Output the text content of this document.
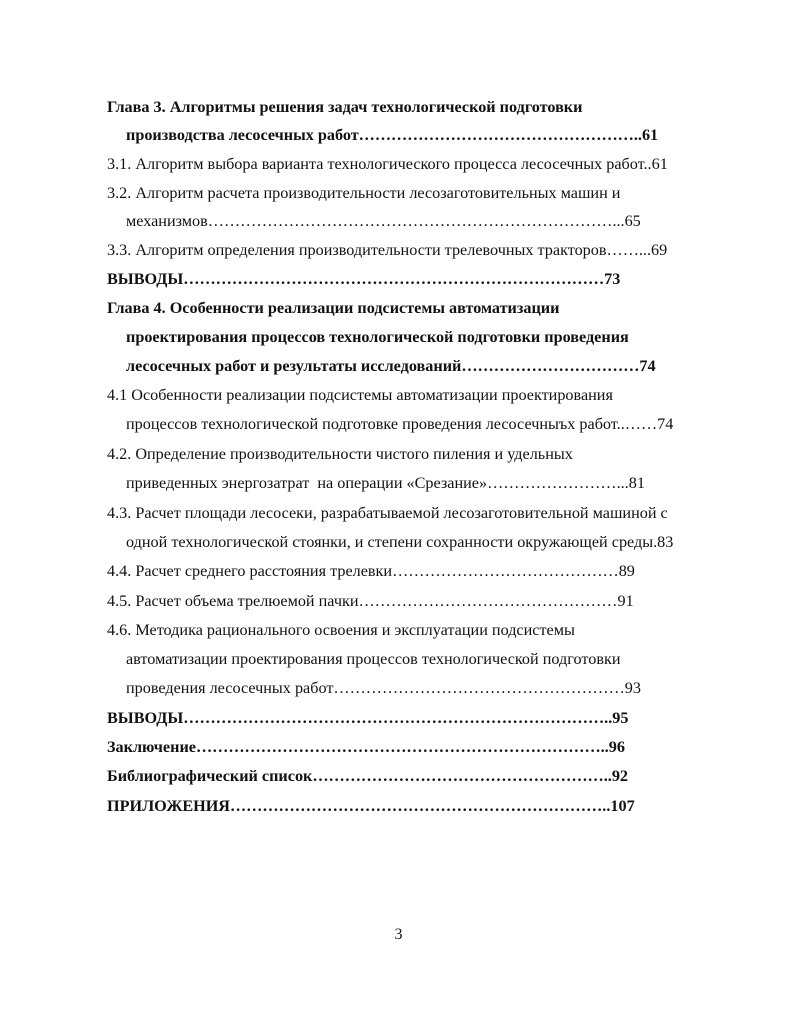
Глава 3. Алгоритмы решения задач технологической подготовки
производства лесосечных работ……………………………………………..61
3.1. Алгоритм выбора варианта технологического процесса лесосечных работ..61
3.2. Алгоритм расчета производительности лесозаготовительных машин и
механизмов…………………………………………………………………...65
3.3. Алгоритм определения производительности трелевочных тракторов……...69
ВЫВОДЫ……………………………………………………………………73
Глава 4. Особенности реализации подсистемы автоматизации
проектирования процессов технологической подготовки проведения
лесосечных работ и результаты исследований……………………………74
4.1 Особенности реализации подсистемы автоматизации проектирования
процессов технологической подготовке проведения лесосечныъх работ..……74
4.2. Определение производительности чистого пиления и удельных
приведенных энергозатрат  на операции «Срезание»……………………...81
4.3. Расчет площади лесосеки, разрабатываемой лесозаготовительной машиной с
одной технологической стоянки, и степени сохранности окружающей среды.83
4.4. Расчет среднего расстояния трелевки……………………………………89
4.5. Расчет объема трелюемой пачки…………………………………………91
4.6. Методика рационального освоения и эксплуатации подсистемы
автоматизации проектирования процессов технологической подготовки
проведения лесосечных работ………………………………………………93
ВЫВОДЫ……………………………………………………………………..95
Заключение…………………………………………………………………..96
Библиографический список………………………………………………..92
ПРИЛОЖЕНИЯ……………………………………………………………..107
3
